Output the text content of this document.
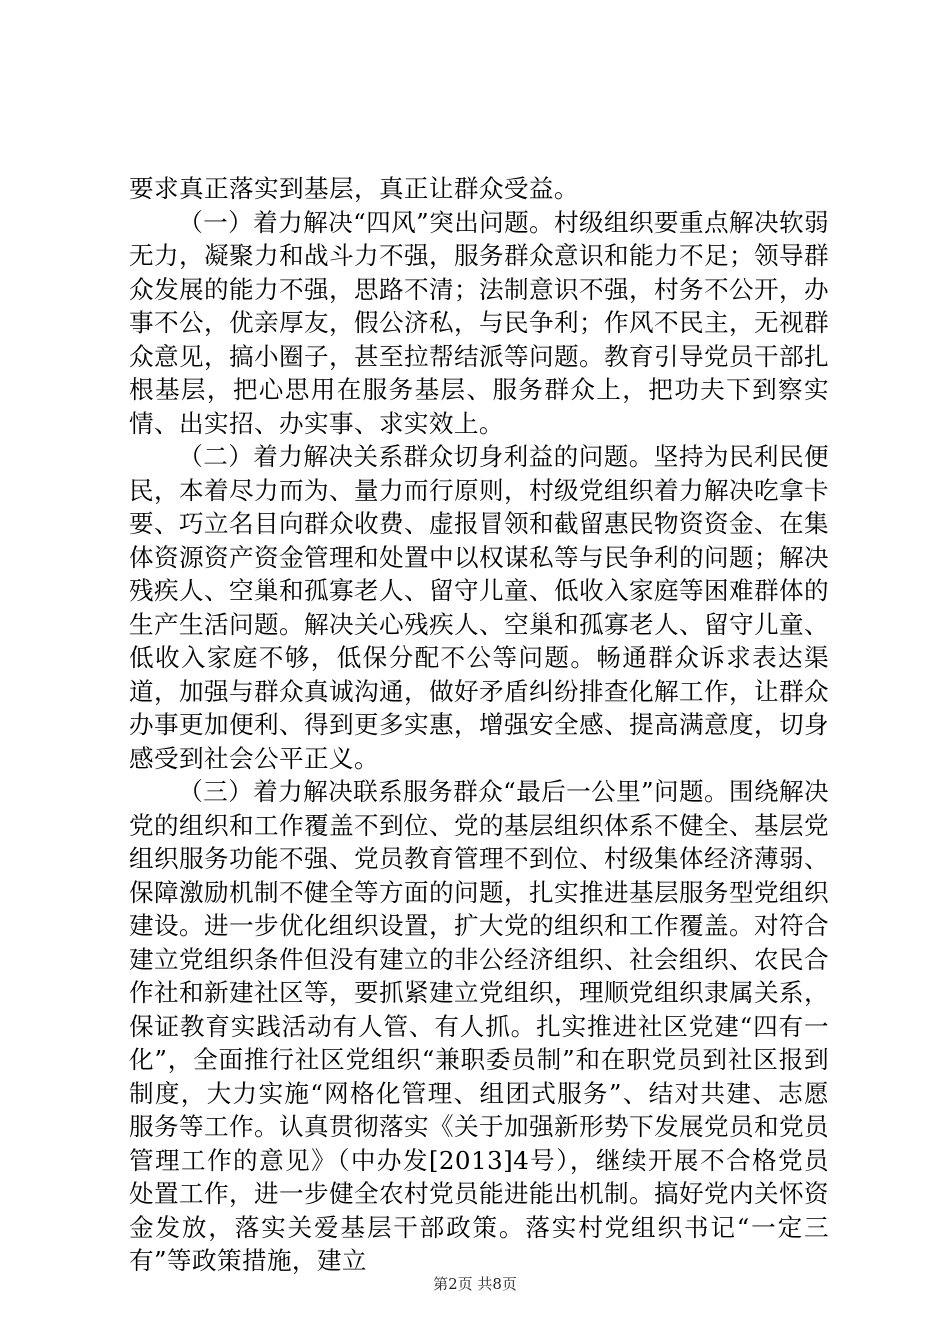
要求真正落实到基层，真正让群众受益。

（一）着力解决“四风”突出问题。村级组织要重点解决软弱无力，凝聚力和战斗力不强，服务群众意识和能力不足；领导群众发展的能力不强，思路不清；法制意识不强，村务不公开，办事不公，优亲厚友，假公济私，与民争利；作风不民主，无视群众意见，搞小圈子，甚至拉帮结派等问题。教育引导党员干部扎根基层，把心思用在服务基层、服务群众上，把功夫下到察实情、出实招、办实事、求实效上。

（二）着力解决关系群众切身利益的问题。坚持为民利民便民，本着尽力而为、量力而行原则，村级党组织着力解决吃拿卡要、巧立名目向群众收费、虚报冒领和截留惠民物资资金、在集体资源资产资金管理和处置中以权谋私等与民争利的问题；解决残疾人、空巢和孤寡老人、留守儿童、低收入家庭等困难群体的生产生活问题。解决关心残疾人、空巢和孤寡老人、留守儿童、低收入家庭不够，低保分配不公等问题。畅通群众诉求表达渠道，加强与群众真诚沟通，做好矛盾纠纷排查化解工作，让群众办事更加便利、得到更多实惠，增强安全感、提高满意度，切身感受到社会公平正义。

（三）着力解决联系服务群众“最后一公里”问题。围绕解决党的组织和工作覆盖不到位、党的基层组织体系不健全、基层党组织服务功能不强、党员教育管理不到位、村级集体经济薄弱、保障激励机制不健全等方面的问题，扎实推进基层服务型党组织建设。进一步优化组织设置，扩大党的组织和工作覆盖。对符合建立党组织条件但没有建立的非公经济组织、社会组织、农民合作社和新建社区等，要抓紧建立党组织，理顺党组织隶属关系，保证教育实践活动有人管、有人抓。扎实推进社区党建“四有一化”，全面推行社区党组织“兼职委员制”和在职党员到社区报到制度，大力实施“网格化管理、组团式服务”、结对共建、志愿服务等工作。认真贯彻落实《关于加强新形势下发展党员和党员管理工作的意见》（中办发[2013]4号），继续开展不合格党员处置工作，进一步健全农村党员能进能出机制。搞好党内关怀资金发放，落实关爱基层干部政策。落实村党组织书记“一定三有”等政策措施，建立

第2页 共8页
